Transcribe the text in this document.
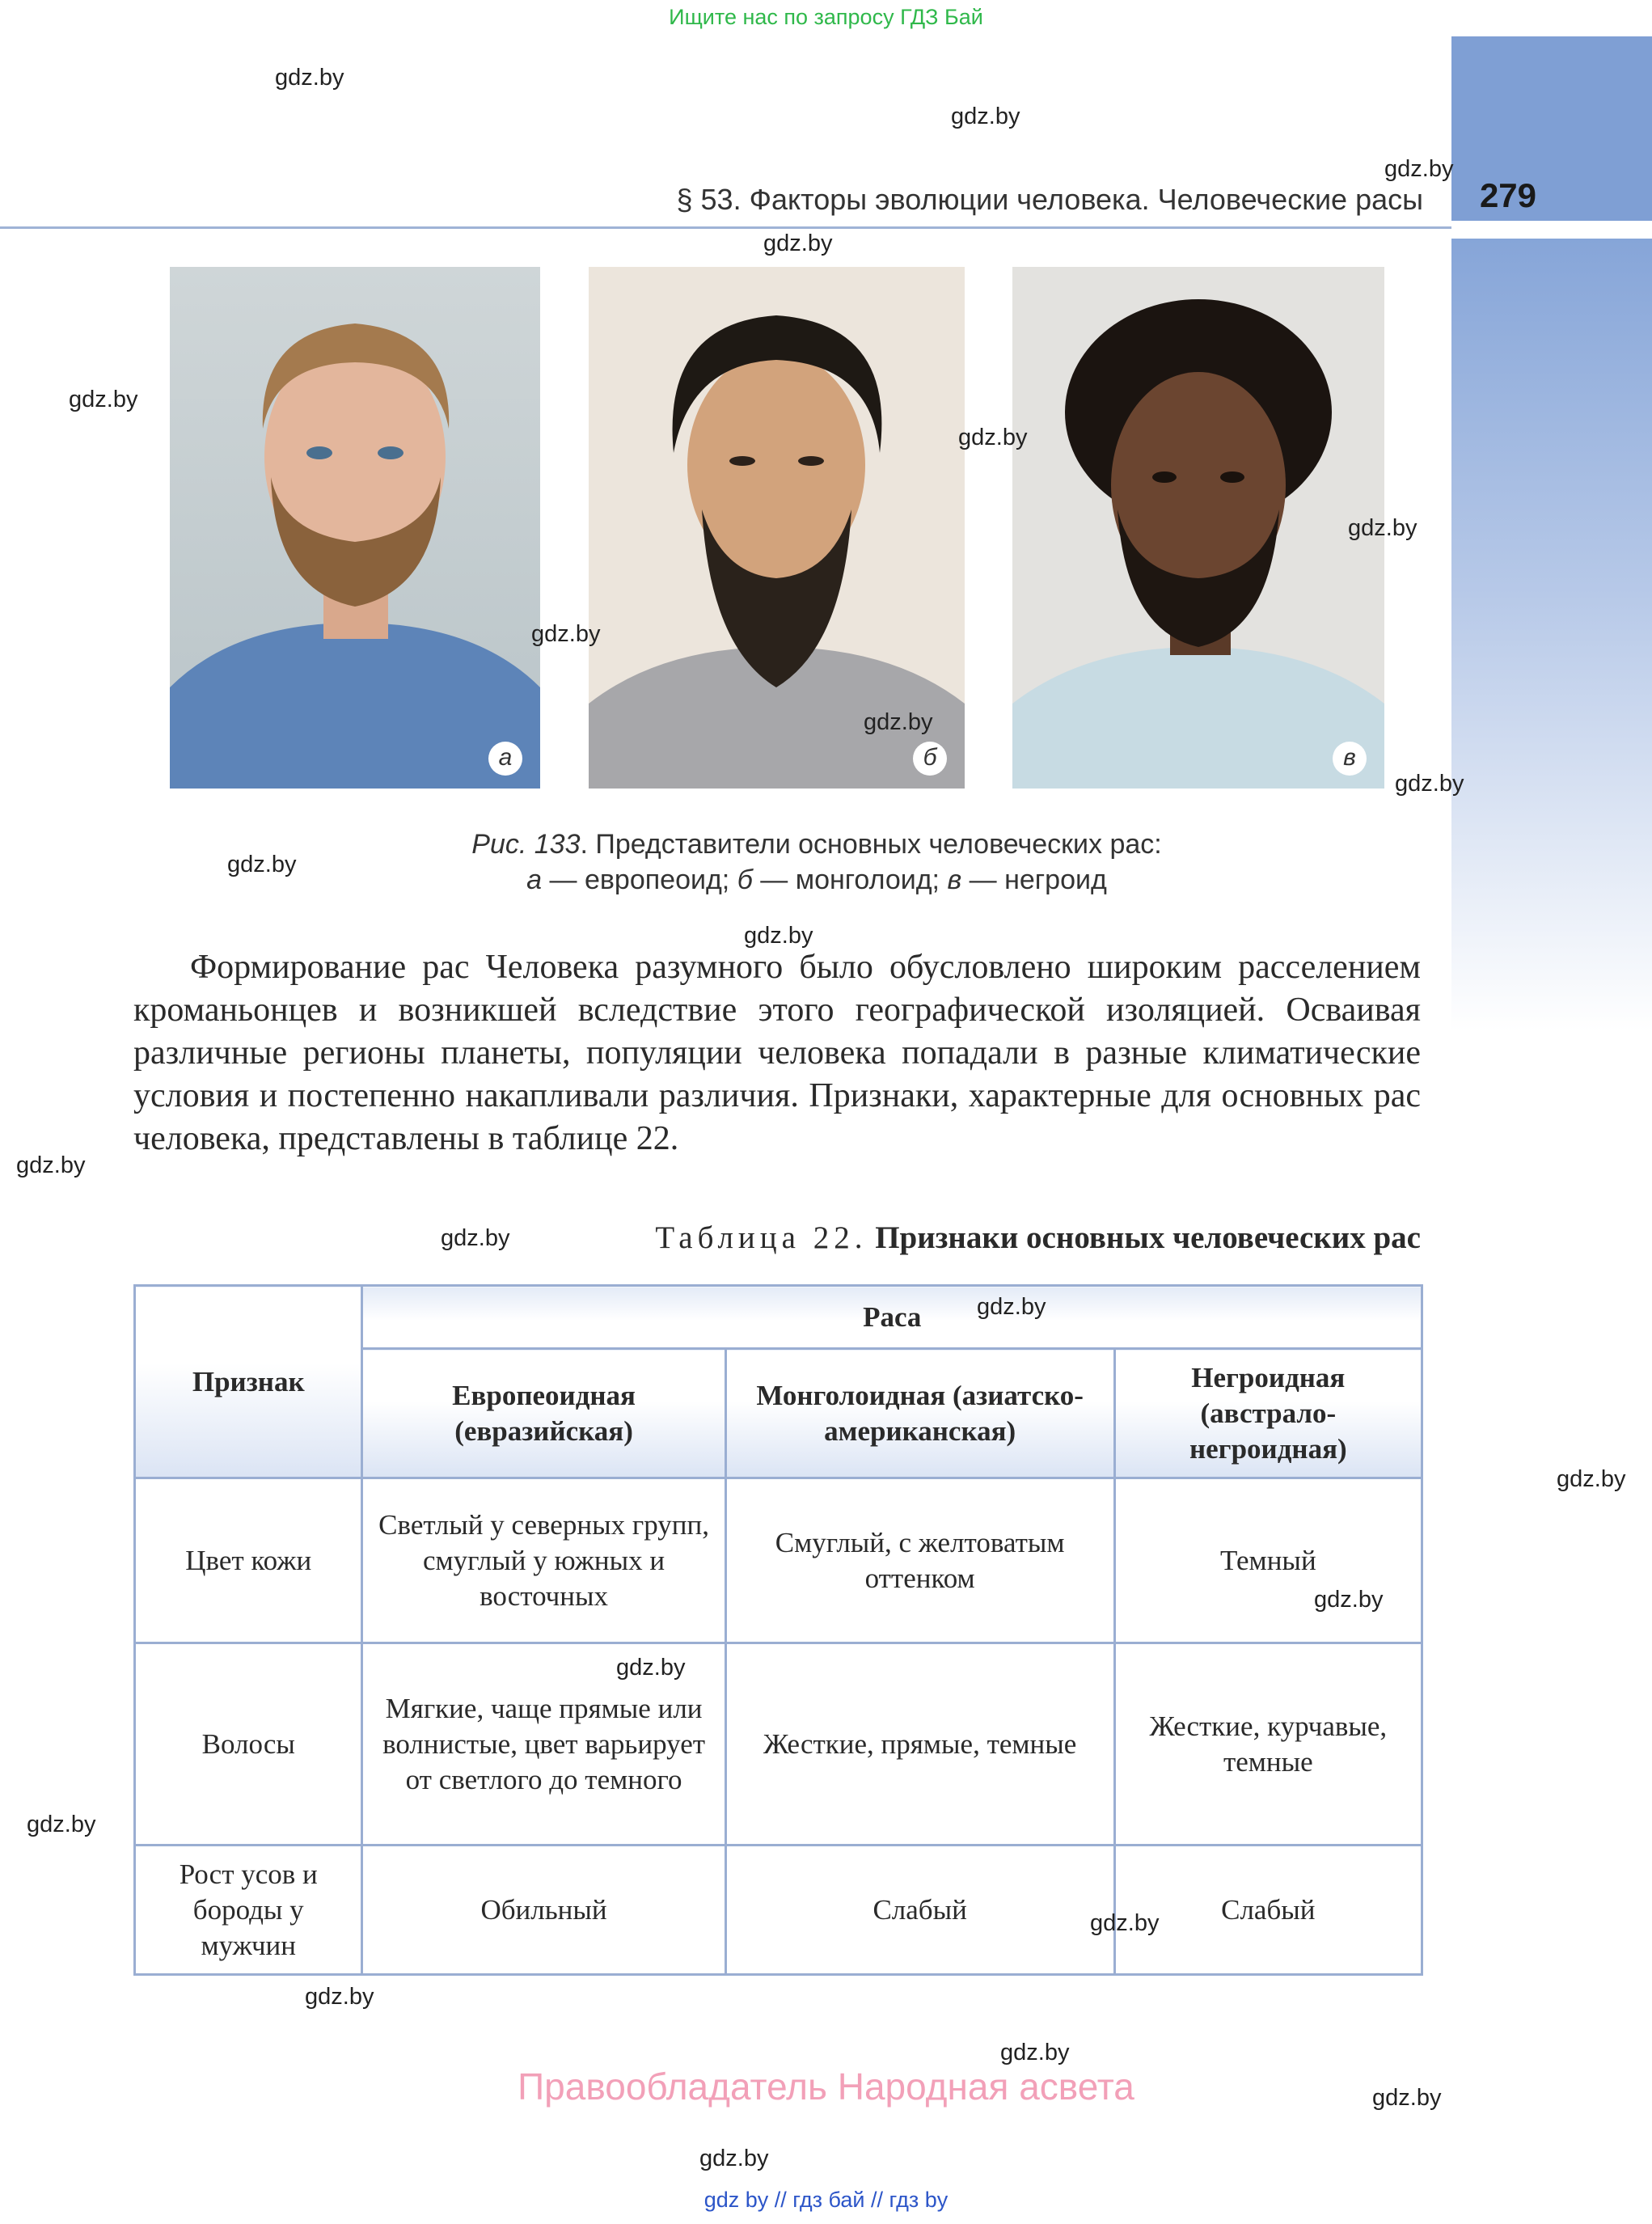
Ищите нас по запросу ГДЗ Бай
§ 53. Факторы эволюции человека. Человеческие расы	279
а	б	в
Рис. 133. Представители основных человеческих рас:
а — европеоид; б — монголоид; в — негроид

Формирование рас Человека разумного было обусловлено широким расселением кроманьонцев и возникшей вследствие этого географической изоляцией. Осваивая различные регионы планеты, популяции человека попадали в разные климатические условия и постепенно накапливали различия. Признаки, характерные для основных рас человека, представлены в таблице 22.

Таблица 22. Признаки основных человеческих рас
Признак	Раса		
	Европеоидная (евразийская)	Монголоидная (азиатско-американская)	Негроидная (австрало-негроидная)
Цвет кожи	Светлый у северных групп, смуглый у южных и восточных	Смуглый, с желтоватым оттенком	Темный
Волосы	Мягкие, чаще прямые или волнистые, цвет варьирует от светлого до темного	Жесткие, прямые, темные	Жесткие, курчавые, темные
Рост усов и бороды у мужчин	Обильный	Слабый	Слабый
Правообладатель Народная асвета
gdz by // гдз бай // гдз by
gdz.by
gdz.by
gdz.by
gdz.by
gdz.by
gdz.by
gdz.by
gdz.by
gdz.by
gdz.by
gdz.by
gdz.by
gdz.by
gdz.by
gdz.by
gdz.by
gdz.by
gdz.by
gdz.by
gdz.by
gdz.by
gdz.by
gdz.by
gdz.by
